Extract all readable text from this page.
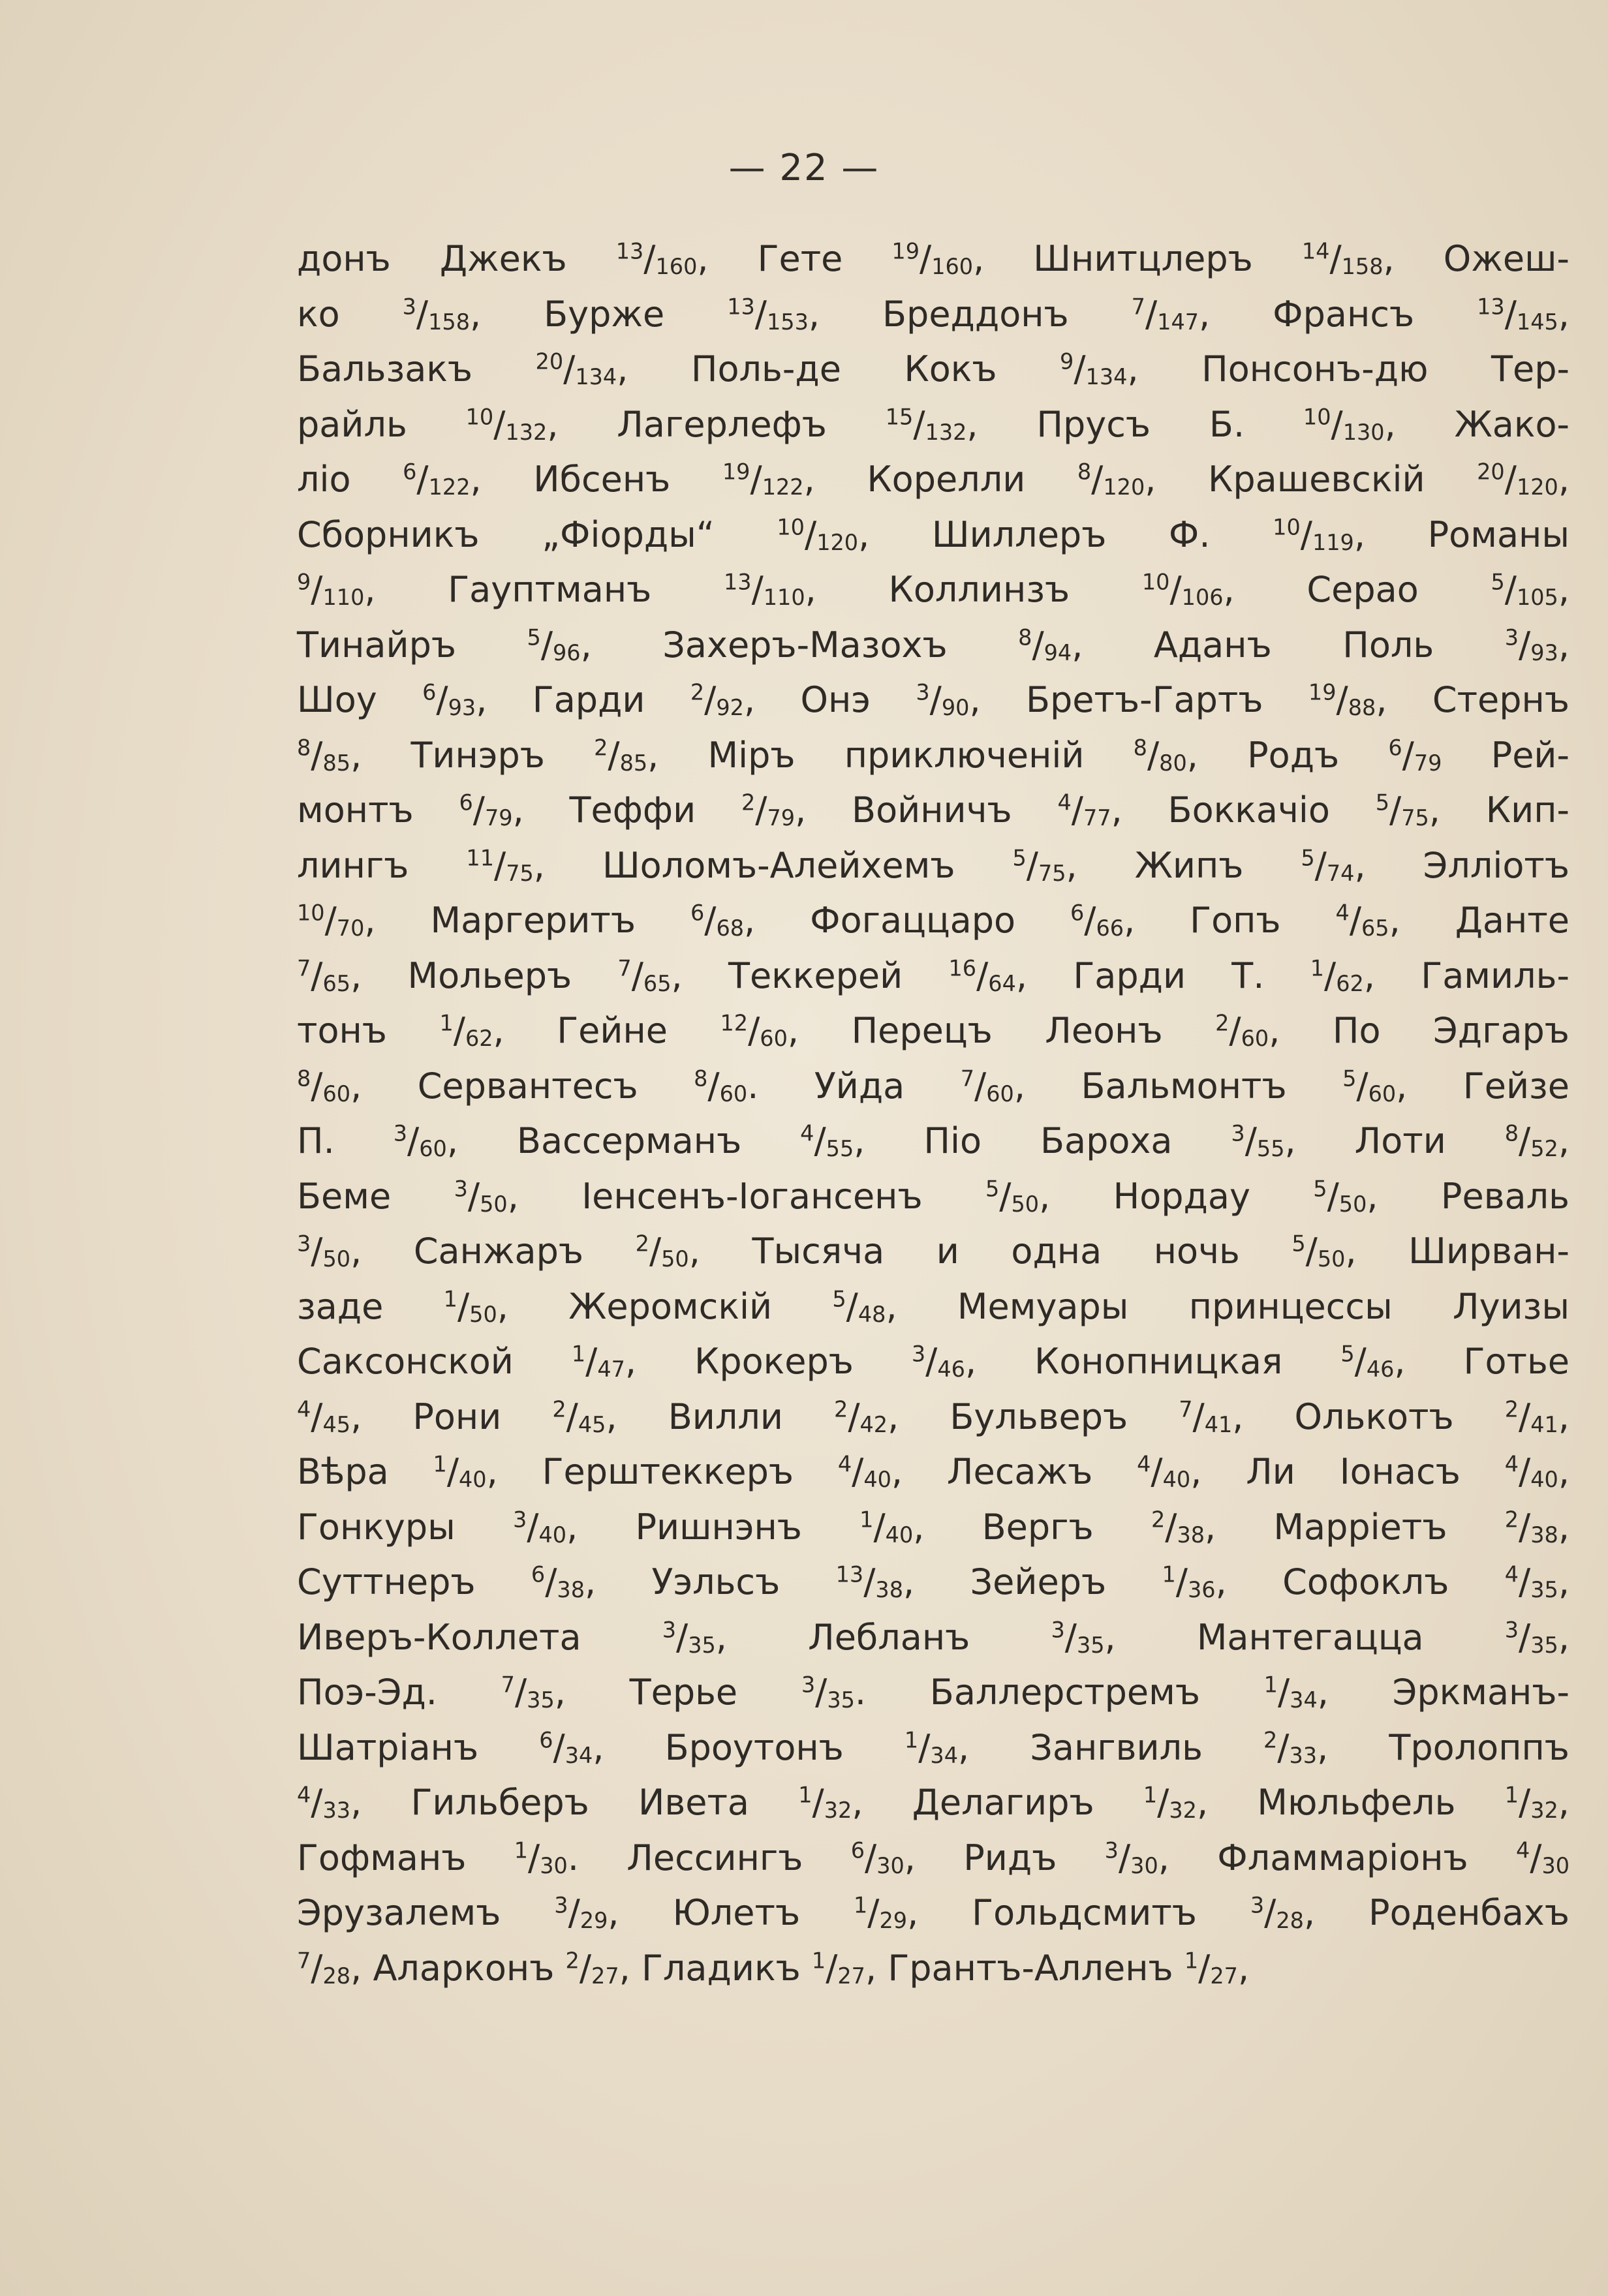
— 22 —
донъ Джекъ $^{13}/_{160}$, Гете $^{19}/_{160}$, Шнитцлеръ $^{14}/_{158}$, Ожеш-
ко $^3/_{158}$, Бурже $^{13}/_{153}$, Бреддонъ $^7/_{147}$, Франсъ $^{13}/_{145}$,
Бальзакъ $^{20}/_{134}$, Поль-де Кокъ $^9/_{134}$, Понсонъ-дю Тер-
райль $^{10}/_{132}$, Лагерлефъ $^{15}/_{132}$, Прусъ Б. $^{10}/_{130}$, Жако-
ліо $^6/_{122}$, Ибсенъ $^{19}/_{122}$, Корелли $^8/_{120}$, Крашевскій $^{20}/_{120}$,
Сборникъ „Фіорды“ $^{10}/_{120}$, Шиллеръ Ф. $^{10}/_{119}$, Романы
$^9/_{110}$, Гауптманъ $^{13}/_{110}$, Коллинзъ $^{10}/_{106}$, Серао $^5/_{105}$,
Тинайръ $^5/_{96}$, Захеръ-Мазохъ $^8/_{94}$, Аданъ Поль $^3/_{93}$,
Шоу $^6/_{93}$, Гарди $^2/_{92}$, Онэ $^3/_{90}$, Бретъ-Гартъ $^{19}/_{88}$, Стернъ
$^8/_{85}$, Тинэръ $^2/_{85}$, Міръ приключеній $^8/_{80}$, Родъ $^6/_{79}$ Рей-
монтъ $^6/_{79}$, Теффи $^2/_{79}$, Войничъ $^4/_{77}$, Боккачіо $^5/_{75}$, Кип-
лингъ $^{11}/_{75}$, Шоломъ-Алейхемъ $^5/_{75}$, Жипъ $^5/_{74}$, Элліотъ
$^{10}/_{70}$, Маргеритъ $^6/_{68}$, Фогаццаро $^6/_{66}$, Гопъ $^4/_{65}$, Данте
$^7/_{65}$, Мольеръ $^7/_{65}$, Теккерей $^{16}/_{64}$, Гарди Т. $^1/_{62}$, Гамиль-
тонъ $^1/_{62}$, Гейне $^{12}/_{60}$, Перецъ Леонъ $^2/_{60}$, По Эдгаръ
$^8/_{60}$, Сервантесъ $^8/_{60}$. Уйда $^7/_{60}$, Бальмонтъ $^5/_{60}$, Гейзе
П. $^3/_{60}$, Вассерманъ $^4/_{55}$, Піо Бароха $^3/_{55}$, Лоти $^8/_{52}$,
Беме $^3/_{50}$, Іенсенъ-Іогансенъ $^5/_{50}$, Нордау $^5/_{50}$, Реваль
$^3/_{50}$, Санжаръ $^2/_{50}$, Тысяча и одна ночь $^5/_{50}$, Ширван-
заде $^1/_{50}$, Жеромскій $^5/_{48}$, Мемуары принцессы Луизы
Саксонской $^1/_{47}$, Крокеръ $^3/_{46}$, Конопницкая $^5/_{46}$, Готье
$^4/_{45}$, Рони $^2/_{45}$, Вилли $^2/_{42}$, Бульверъ $^7/_{41}$, Олькотъ $^2/_{41}$,
Вѣра $^1/_{40}$, Герштеккеръ $^4/_{40}$, Лесажъ $^4/_{40}$, Ли Іонасъ $^4/_{40}$,
Гонкуры $^3/_{40}$, Ришнэнъ $^1/_{40}$, Вергъ $^2/_{38}$, Марріетъ $^2/_{38}$,
Суттнеръ $^6/_{38}$, Уэльсъ $^{13}/_{38}$, Зейеръ $^1/_{36}$, Софоклъ $^4/_{35}$,
Иверъ-Коллета $^3/_{35}$, Лебланъ $^3/_{35}$, Мантегацца $^3/_{35}$,
Поэ-Эд. $^7/_{35}$, Терье $^3/_{35}$. Баллерстремъ $^1/_{34}$, Эркманъ-
Шатріанъ $^6/_{34}$, Броутонъ $^1/_{34}$, Зангвиль $^2/_{33}$, Тролоппъ
$^4/_{33}$, Гильберъ Ивета $^1/_{32}$, Делагиръ $^1/_{32}$, Мюльфель $^1/_{32}$,
Гофманъ $^1/_{30}$. Лессингъ $^6/_{30}$, Ридъ $^3/_{30}$, Фламмаріонъ $^4/_{30}$
Эрузалемъ $^3/_{29}$, Юлетъ $^1/_{29}$, Гольдсмитъ $^3/_{28}$, Роденбахъ
$^7/_{28}$, Аларконъ $^2/_{27}$, Гладикъ $^1/_{27}$, Грантъ-Алленъ $^1/_{27}$,
